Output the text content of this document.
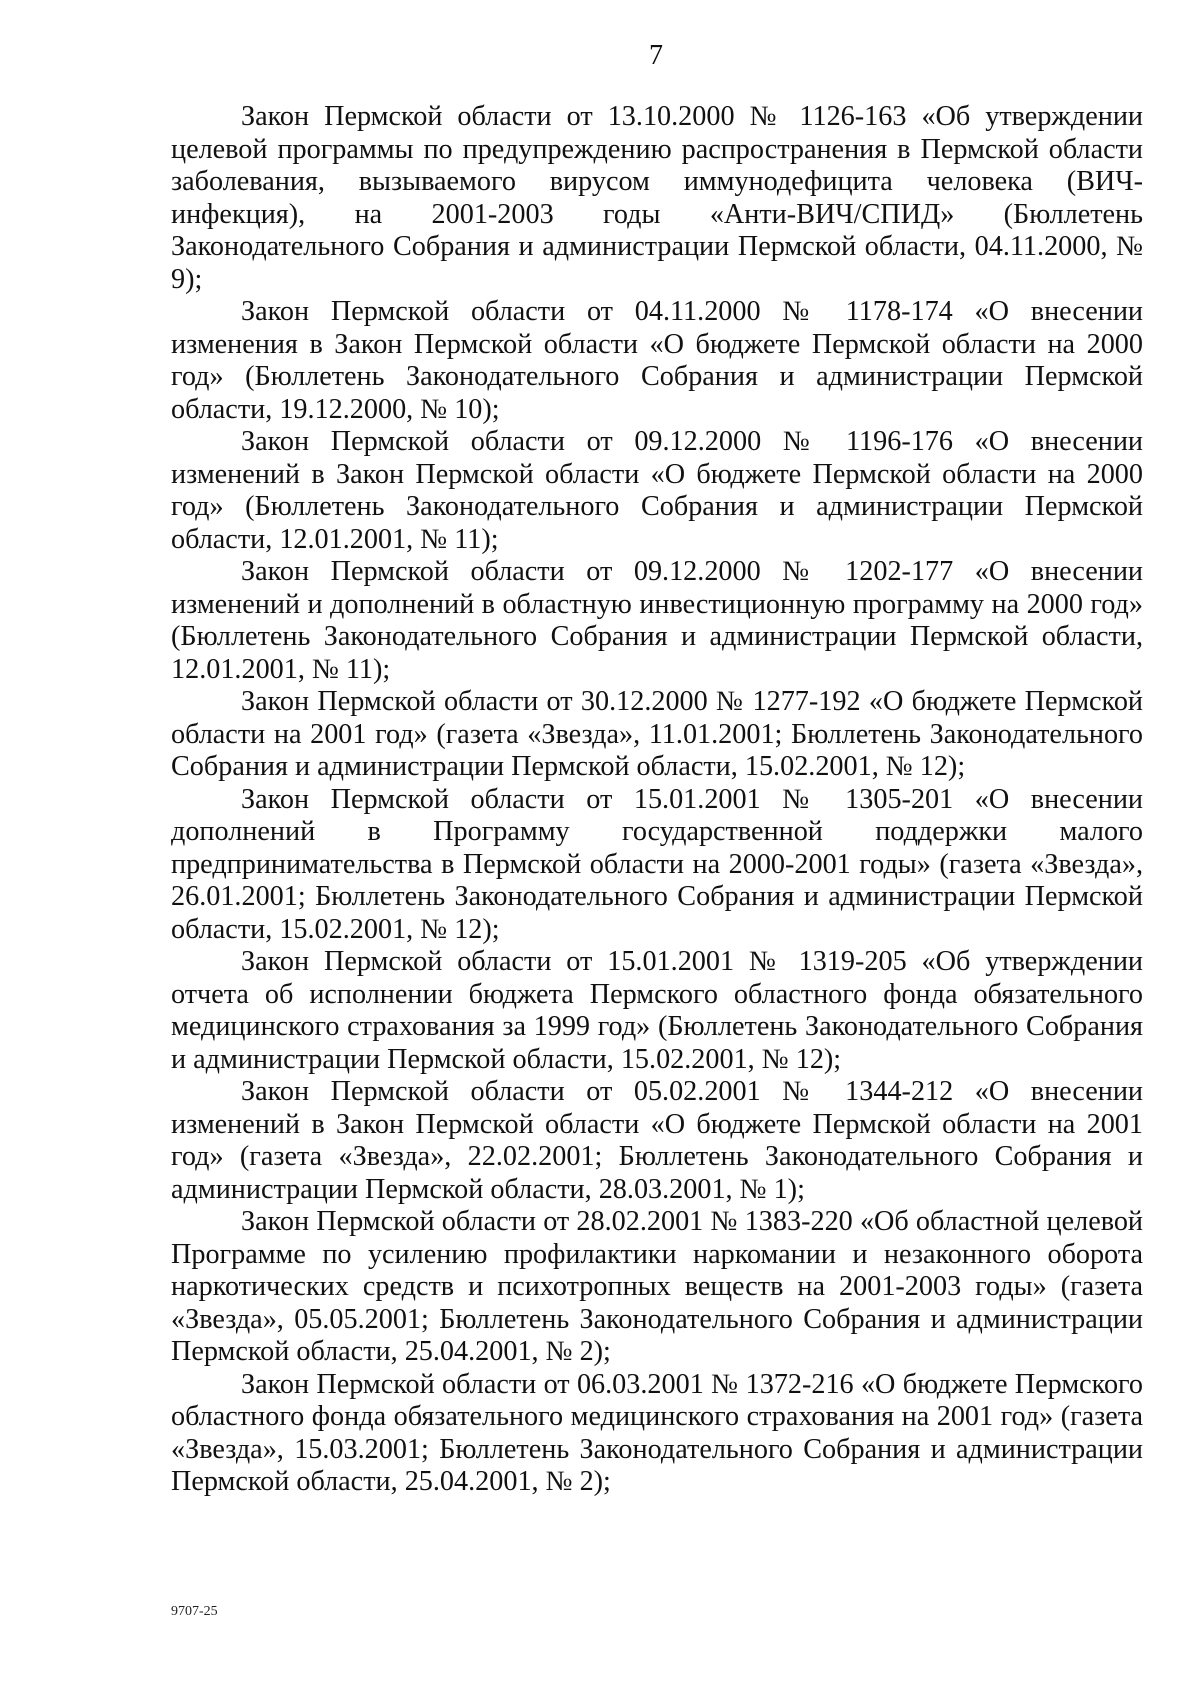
7

Закон Пермской области от 13.10.2000 № 1126-163 «Об утверждении целевой программы по предупреждению распространения в Пермской области заболевания, вызываемого вирусом иммунодефицита человека (ВИЧ-инфекция), на 2001-2003 годы «Анти-ВИЧ/СПИД» (Бюллетень Законодательного Собрания и администрации Пермской области, 04.11.2000, № 9);

Закон Пермской области от 04.11.2000 № 1178-174 «О внесении изменения в Закон Пермской области «О бюджете Пермской области на 2000 год» (Бюллетень Законодательного Собрания и администрации Пермской области, 19.12.2000, № 10);

Закон Пермской области от 09.12.2000 № 1196-176 «О внесении изменений в Закон Пермской области «О бюджете Пермской области на 2000 год» (Бюллетень Законодательного Собрания и администрации Пермской области, 12.01.2001, № 11);

Закон Пермской области от 09.12.2000 № 1202-177 «О внесении изменений и дополнений в областную инвестиционную программу на 2000 год» (Бюллетень Законодательного Собрания и администрации Пермской области, 12.01.2001, № 11);

Закон Пермской области от 30.12.2000 № 1277-192 «О бюджете Пермской области на 2001 год» (газета «Звезда», 11.01.2001; Бюллетень Законодательного Собрания и администрации Пермской области, 15.02.2001, № 12);

Закон Пермской области от 15.01.2001 № 1305-201 «О внесении дополнений в Программу государственной поддержки малого предпринимательства в Пермской области на 2000-2001 годы» (газета «Звезда», 26.01.2001; Бюллетень Законодательного Собрания и администрации Пермской области, 15.02.2001, № 12);

Закон Пермской области от 15.01.2001 № 1319-205 «Об утверждении отчета об исполнении бюджета Пермского областного фонда обязательного медицинского страхования за 1999 год» (Бюллетень Законодательного Собрания и администрации Пермской области, 15.02.2001, № 12);

Закон Пермской области от 05.02.2001 № 1344-212 «О внесении изменений в Закон Пермской области «О бюджете Пермской области на 2001 год» (газета «Звезда», 22.02.2001; Бюллетень Законодательного Собрания и администрации Пермской области, 28.03.2001, № 1);

Закон Пермской области от 28.02.2001 № 1383-220 «Об областной целевой Программе по усилению профилактики наркомании и незаконного оборота наркотических средств и психотропных веществ на 2001-2003 годы» (газета «Звезда», 05.05.2001; Бюллетень Законодательного Собрания и администрации Пермской области, 25.04.2001, № 2);

Закон Пермской области от 06.03.2001 № 1372-216 «О бюджете Пермского областного фонда обязательного медицинского страхования на 2001 год» (газета «Звезда», 15.03.2001; Бюллетень Законодательного Собрания и администрации Пермской области, 25.04.2001, № 2);

9707-25
